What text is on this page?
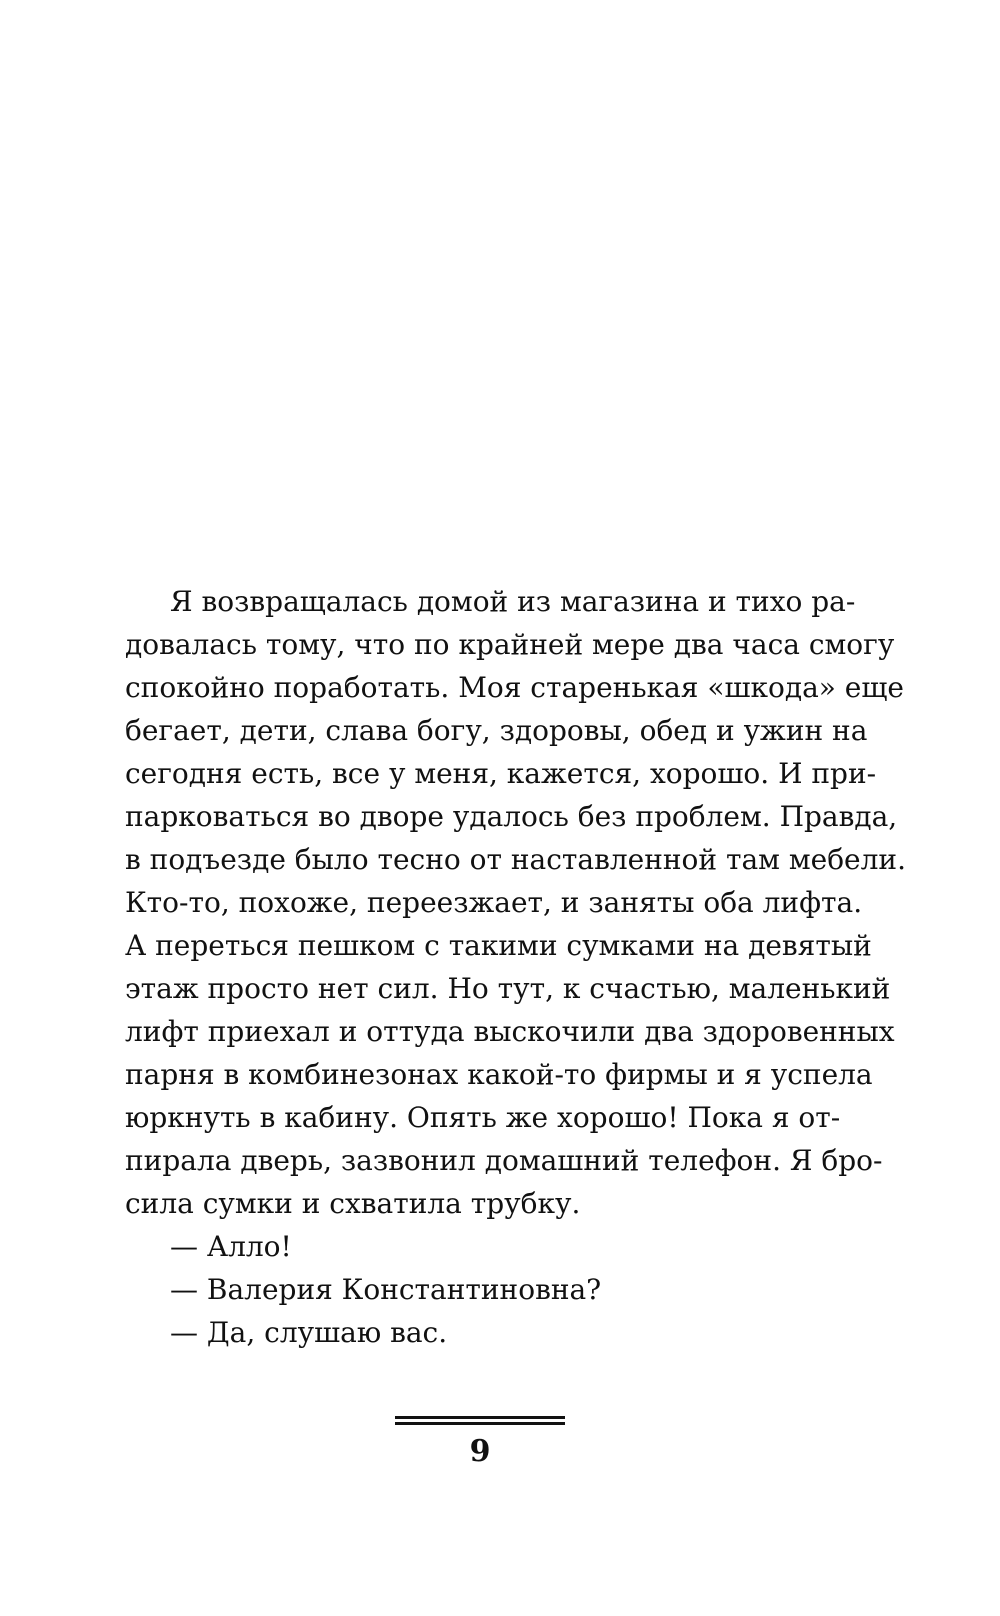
Я возвращалась домой из магазина и тихо ра-
довалась тому, что по крайней мере два часа смогу
спокойно поработать. Моя старенькая «шкода» еще
бегает, дети, слава богу, здоровы, обед и ужин на
сегодня есть, все у меня, кажется, хорошо. И при-
парковаться во дворе удалось без проблем. Правда,
в подъезде было тесно от наставленной там мебели.
Кто-то, похоже, переезжает, и заняты оба лифта.
А переться пешком с такими сумками на девятый
этаж просто нет сил. Но тут, к счастью, маленький
лифт приехал и оттуда выскочили два здоровенных
парня в комбинезонах какой-то фирмы и я успела
юркнуть в кабину. Опять же хорошо! Пока я от-
пирала дверь, зазвонил домашний телефон. Я бро-
сила сумки и схватила трубку.
— Алло!
— Валерия Константиновна?
— Да, слушаю вас.
9
